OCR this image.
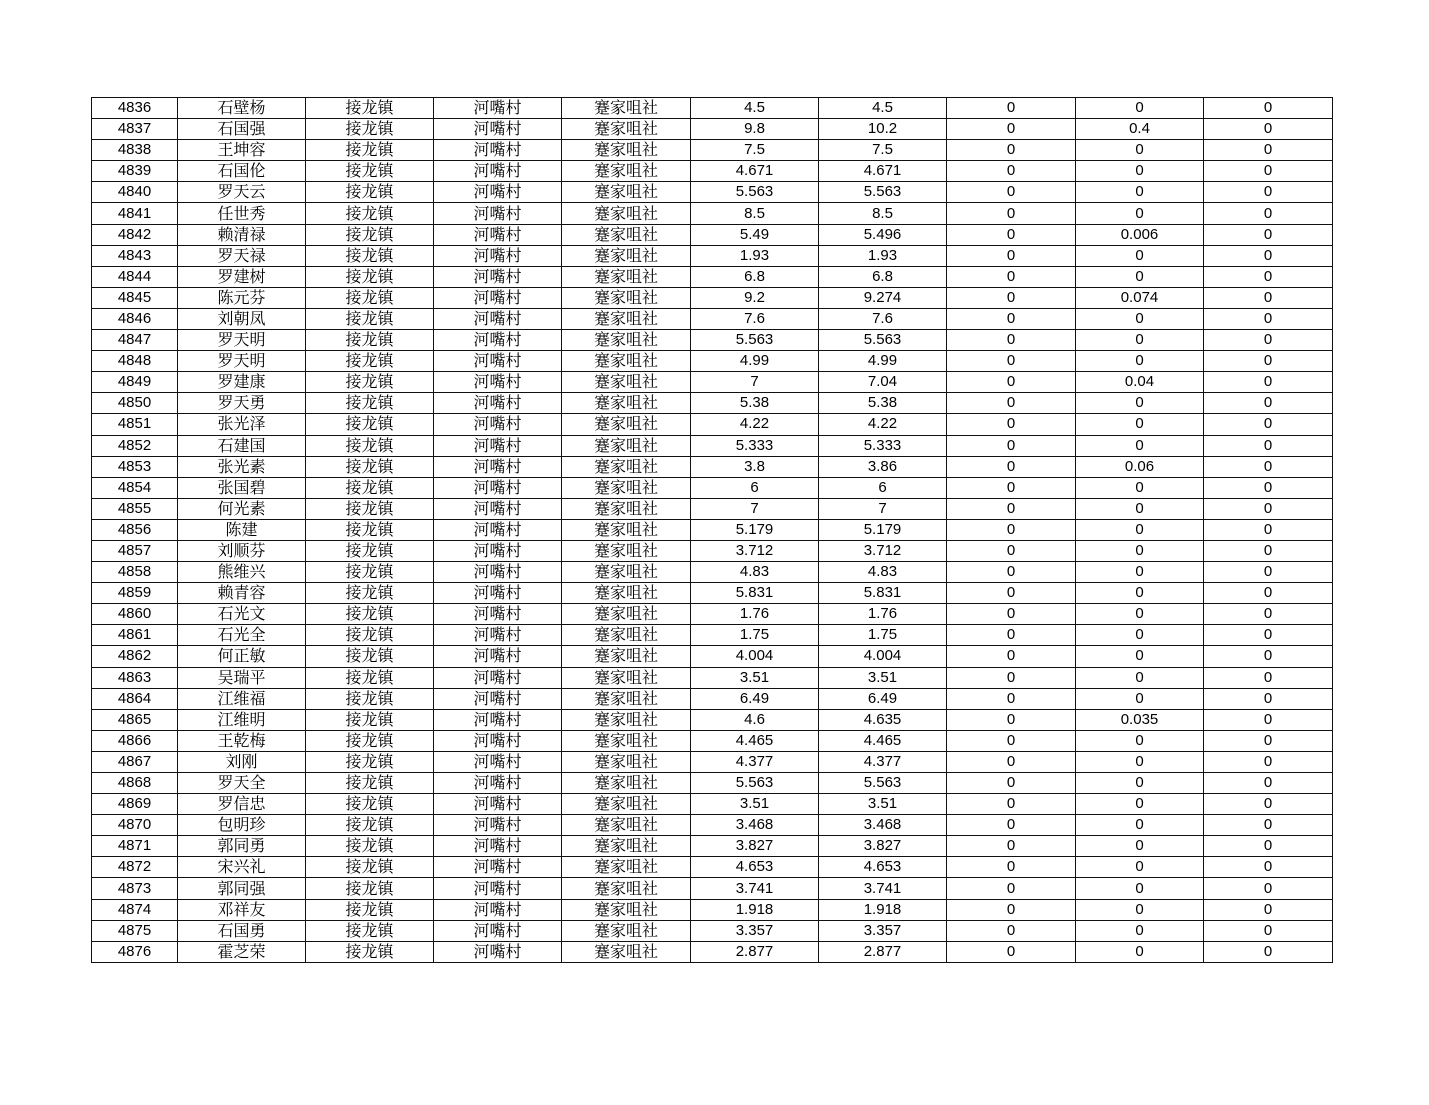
4836	石壁杨	接龙镇	河嘴村	蹇家咀社	4.5	4.5	0	0	0
4837	石国强	接龙镇	河嘴村	蹇家咀社	9.8	10.2	0	0.4	0
4838	王坤容	接龙镇	河嘴村	蹇家咀社	7.5	7.5	0	0	0
4839	石国伦	接龙镇	河嘴村	蹇家咀社	4.671	4.671	0	0	0
4840	罗天云	接龙镇	河嘴村	蹇家咀社	5.563	5.563	0	0	0
4841	任世秀	接龙镇	河嘴村	蹇家咀社	8.5	8.5	0	0	0
4842	赖清禄	接龙镇	河嘴村	蹇家咀社	5.49	5.496	0	0.006	0
4843	罗天禄	接龙镇	河嘴村	蹇家咀社	1.93	1.93	0	0	0
4844	罗建树	接龙镇	河嘴村	蹇家咀社	6.8	6.8	0	0	0
4845	陈元芬	接龙镇	河嘴村	蹇家咀社	9.2	9.274	0	0.074	0
4846	刘朝凤	接龙镇	河嘴村	蹇家咀社	7.6	7.6	0	0	0
4847	罗天明	接龙镇	河嘴村	蹇家咀社	5.563	5.563	0	0	0
4848	罗天明	接龙镇	河嘴村	蹇家咀社	4.99	4.99	0	0	0
4849	罗建康	接龙镇	河嘴村	蹇家咀社	7	7.04	0	0.04	0
4850	罗天勇	接龙镇	河嘴村	蹇家咀社	5.38	5.38	0	0	0
4851	张光泽	接龙镇	河嘴村	蹇家咀社	4.22	4.22	0	0	0
4852	石建国	接龙镇	河嘴村	蹇家咀社	5.333	5.333	0	0	0
4853	张光素	接龙镇	河嘴村	蹇家咀社	3.8	3.86	0	0.06	0
4854	张国碧	接龙镇	河嘴村	蹇家咀社	6	6	0	0	0
4855	何光素	接龙镇	河嘴村	蹇家咀社	7	7	0	0	0
4856	陈建	接龙镇	河嘴村	蹇家咀社	5.179	5.179	0	0	0
4857	刘顺芬	接龙镇	河嘴村	蹇家咀社	3.712	3.712	0	0	0
4858	熊维兴	接龙镇	河嘴村	蹇家咀社	4.83	4.83	0	0	0
4859	赖青容	接龙镇	河嘴村	蹇家咀社	5.831	5.831	0	0	0
4860	石光文	接龙镇	河嘴村	蹇家咀社	1.76	1.76	0	0	0
4861	石光全	接龙镇	河嘴村	蹇家咀社	1.75	1.75	0	0	0
4862	何正敏	接龙镇	河嘴村	蹇家咀社	4.004	4.004	0	0	0
4863	吴瑞平	接龙镇	河嘴村	蹇家咀社	3.51	3.51	0	0	0
4864	江维福	接龙镇	河嘴村	蹇家咀社	6.49	6.49	0	0	0
4865	江维明	接龙镇	河嘴村	蹇家咀社	4.6	4.635	0	0.035	0
4866	王乾梅	接龙镇	河嘴村	蹇家咀社	4.465	4.465	0	0	0
4867	刘刚	接龙镇	河嘴村	蹇家咀社	4.377	4.377	0	0	0
4868	罗天全	接龙镇	河嘴村	蹇家咀社	5.563	5.563	0	0	0
4869	罗信忠	接龙镇	河嘴村	蹇家咀社	3.51	3.51	0	0	0
4870	包明珍	接龙镇	河嘴村	蹇家咀社	3.468	3.468	0	0	0
4871	郭同勇	接龙镇	河嘴村	蹇家咀社	3.827	3.827	0	0	0
4872	宋兴礼	接龙镇	河嘴村	蹇家咀社	4.653	4.653	0	0	0
4873	郭同强	接龙镇	河嘴村	蹇家咀社	3.741	3.741	0	0	0
4874	邓祥友	接龙镇	河嘴村	蹇家咀社	1.918	1.918	0	0	0
4875	石国勇	接龙镇	河嘴村	蹇家咀社	3.357	3.357	0	0	0
4876	霍芝荣	接龙镇	河嘴村	蹇家咀社	2.877	2.877	0	0	0
